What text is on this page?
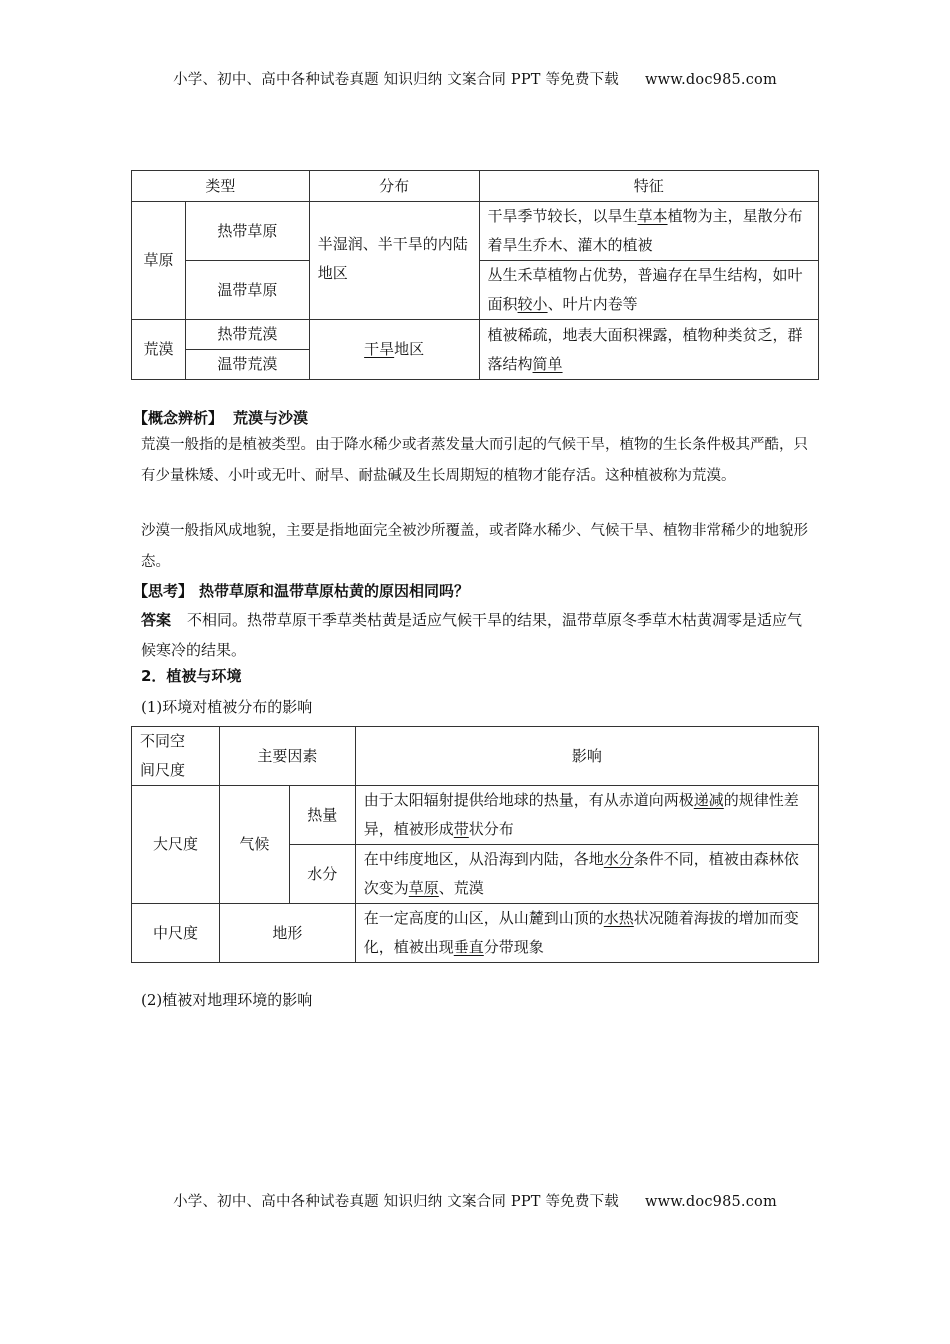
小学、初中、高中各种试卷真题 知识归纳 文案合同 PPT 等免费下载 www.doc985.com
类型		分布	特征
草原	热带草原	半湿润、半干旱的内陆地区	干旱季节较长，以旱生草本植物为主，星散分布着旱生乔木、灌木的植被
	温带草原		丛生禾草植物占优势，普遍存在旱生结构，如叶面积较小、叶片内卷等
荒漠	热带荒漠	干旱地区	植被稀疏，地表大面积裸露，植物种类贫乏，群落结构简单
	温带荒漠		
【概念辨析】 荒漠与沙漠
荒漠一般指的是植被类型。由于降水稀少或者蒸发量大而引起的气候干旱，植物的生长条件极其严酷，只有少量株矮、小叶或无叶、耐旱、耐盐碱及生长周期短的植物才能存活。这种植被称为荒漠。
沙漠一般指风成地貌，主要是指地面完全被沙所覆盖，或者降水稀少、气候干旱、植物非常稀少的地貌形态。
【思考】 热带草原和温带草原枯黄的原因相同吗？
答案 不相同。热带草原干季草类枯黄是适应气候干旱的结果，温带草原冬季草木枯黄凋零是适应气候寒冷的结果。
2．植被与环境
(1)环境对植被分布的影响
不同空间尺度	主要因素		影响
大尺度	气候	热量	由于太阳辐射提供给地球的热量，有从赤道向两极递减的规律性差异，植被形成带状分布
		水分	在中纬度地区，从沿海到内陆，各地水分条件不同，植被由森林依次变为草原、荒漠
中尺度	地形		在一定高度的山区，从山麓到山顶的水热状况随着海拔的增加而变化，植被出现垂直分带现象
(2)植被对地理环境的影响
小学、初中、高中各种试卷真题 知识归纳 文案合同 PPT 等免费下载 www.doc985.com
